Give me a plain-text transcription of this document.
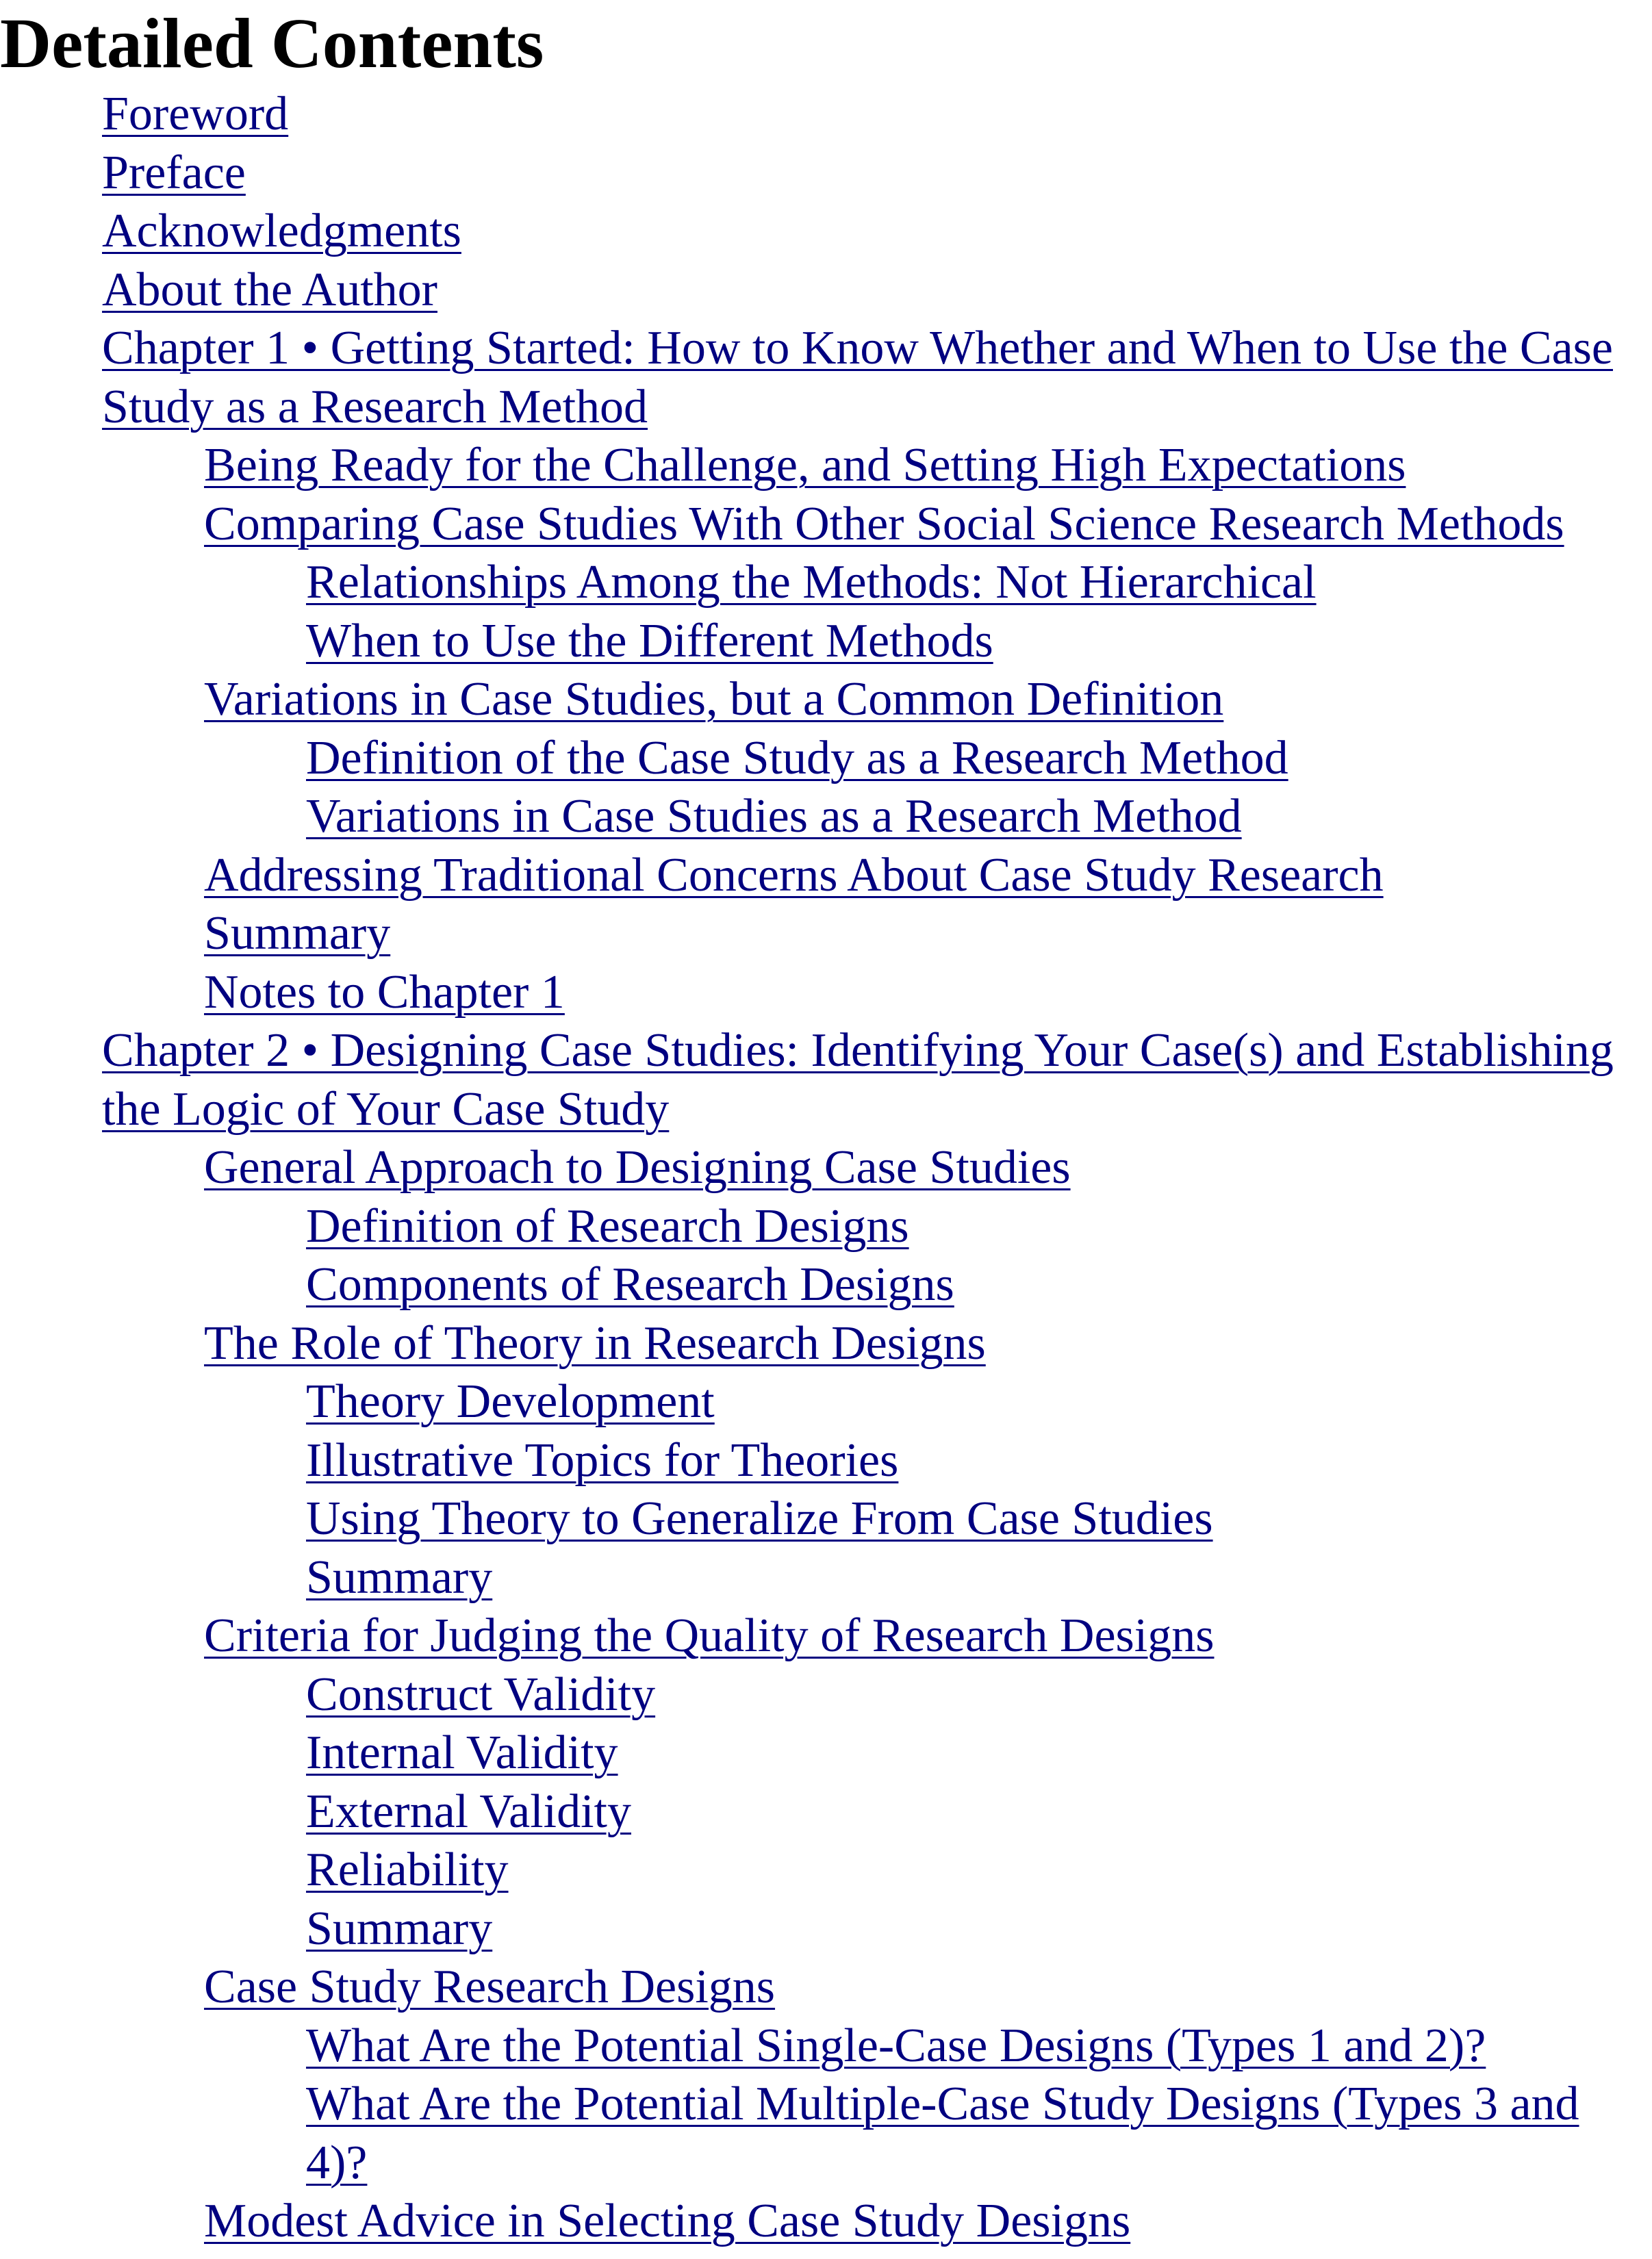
Detailed Contents
Foreword
Preface
Acknowledgments
About the Author
Chapter 1 • Getting Started: How to Know Whether and When to Use the Case Study as a Research Method
Being Ready for the Challenge, and Setting High Expectations
Comparing Case Studies With Other Social Science Research Methods
Relationships Among the Methods: Not Hierarchical
When to Use the Different Methods
Variations in Case Studies, but a Common Definition
Definition of the Case Study as a Research Method
Variations in Case Studies as a Research Method
Addressing Traditional Concerns About Case Study Research
Summary
Notes to Chapter 1
Chapter 2 • Designing Case Studies: Identifying Your Case(s) and Establishing the Logic of Your Case Study
General Approach to Designing Case Studies
Definition of Research Designs
Components of Research Designs
The Role of Theory in Research Designs
Theory Development
Illustrative Topics for Theories
Using Theory to Generalize From Case Studies
Summary
Criteria for Judging the Quality of Research Designs
Construct Validity
Internal Validity
External Validity
Reliability
Summary
Case Study Research Designs
What Are the Potential Single-Case Designs (Types 1 and 2)?
What Are the Potential Multiple-Case Study Designs (Types 3 and 4)?
Modest Advice in Selecting Case Study Designs
